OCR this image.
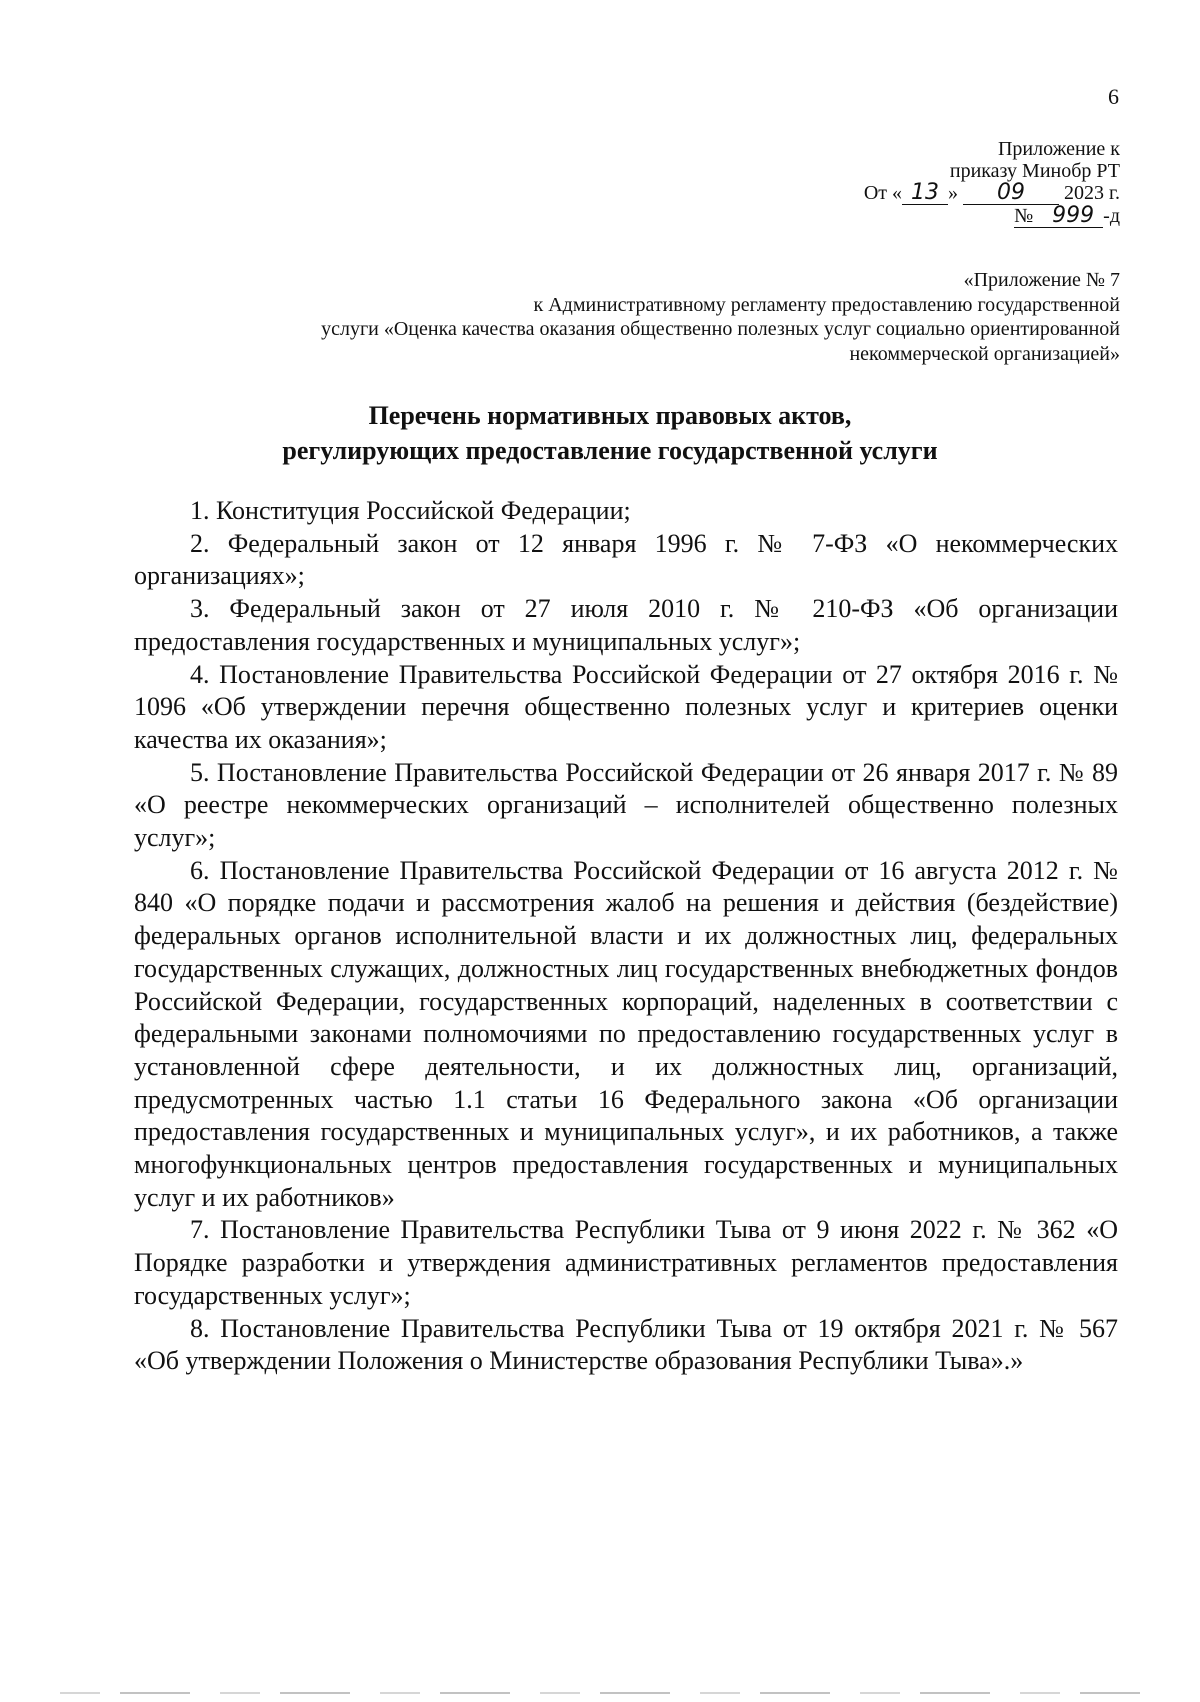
6
Приложение к
приказу Минобр РТ
От « 13 » 09 2023 г.
№ 999 -д
«Приложение № 7
к Административному регламенту предоставлению государственной
услуги «Оценка качества оказания общественно полезных услуг социально ориентированной
некоммерческой организацией»
Перечень нормативных правовых актов,
регулирующих предоставление государственной услуги

1. Конституция Российской Федерации;

2. Федеральный закон от 12 января 1996 г. № 7-ФЗ «О некоммерческих организациях»;

3. Федеральный закон от 27 июля 2010 г. № 210-ФЗ «Об организации предоставления государственных и муниципальных услуг»;

4. Постановление Правительства Российской Федерации от 27 октября 2016 г. № 1096 «Об утверждении перечня общественно полезных услуг и критериев оценки качества их оказания»;

5. Постановление Правительства Российской Федерации от 26 января 2017 г. № 89 «О реестре некоммерческих организаций – исполнителей общественно полезных услуг»;

6. Постановление Правительства Российской Федерации от 16 августа 2012 г. № 840 «О порядке подачи и рассмотрения жалоб на решения и действия (бездействие) федеральных органов исполнительной власти и их должностных лиц, федеральных государственных служащих, должностных лиц государственных внебюджетных фондов Российской Федерации, государственных корпораций, наделенных в соответствии с федеральными законами полномочиями по предоставлению государственных услуг в установленной сфере деятельности, и их должностных лиц, организаций, предусмотренных частью 1.1 статьи 16 Федерального закона «Об организации предоставления государственных и муниципальных услуг», и их работников, а также многофункциональных центров предоставления государственных и муниципальных услуг и их работников»

7. Постановление Правительства Республики Тыва от 9 июня 2022 г. № 362 «О Порядке разработки и утверждения административных регламентов предоставления государственных услуг»;

8. Постановление Правительства Республики Тыва от 19 октября 2021 г. № 567 «Об утверждении Положения о Министерстве образования Республики Тыва».»
